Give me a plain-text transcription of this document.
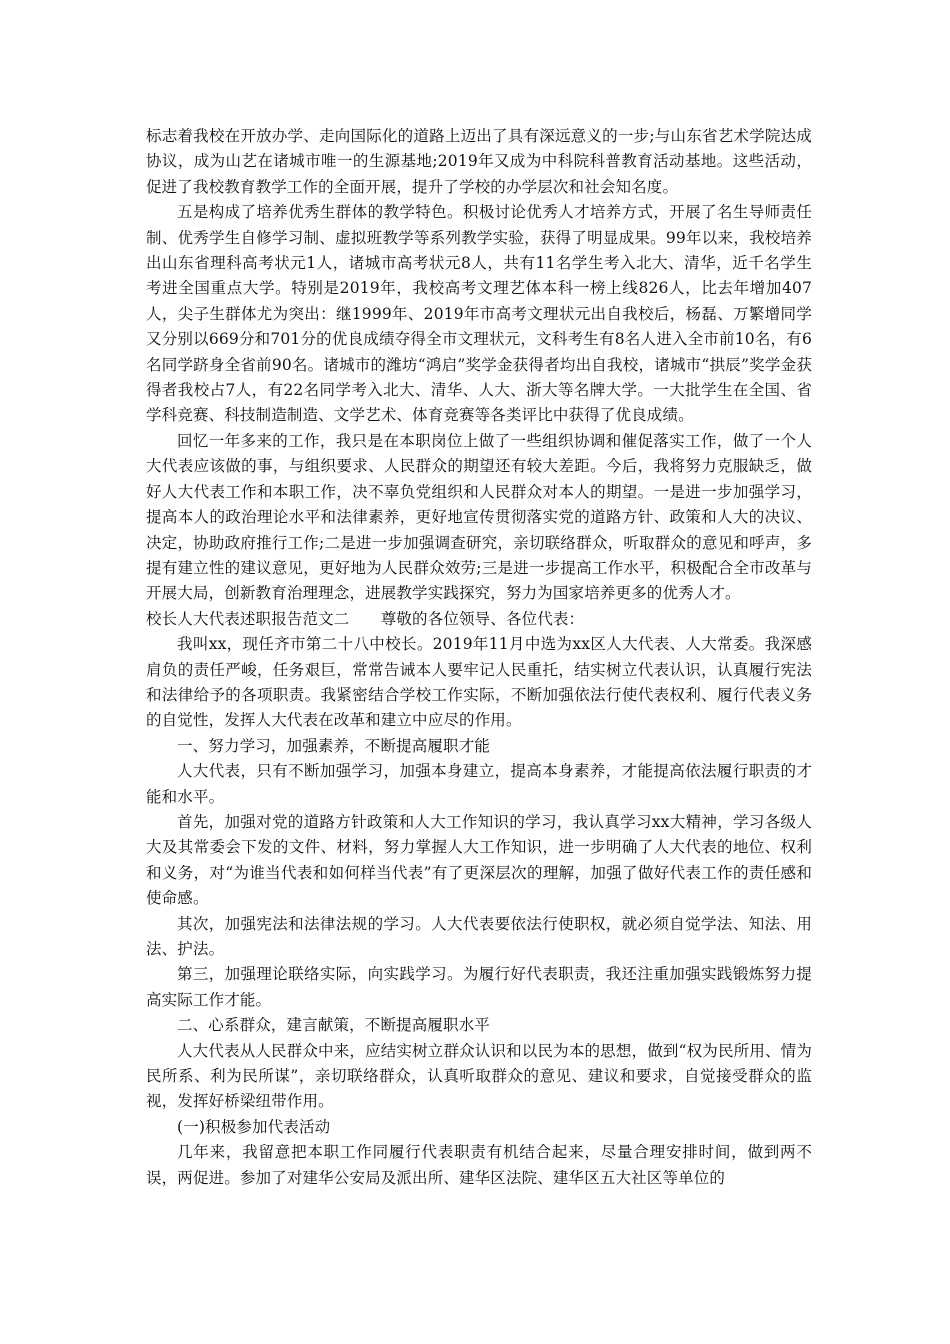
标志着我校在开放办学、走向国际化的道路上迈出了具有深远意义的一步;与山东省艺术学院达成协议，成为山艺在诸城市唯一的生源基地;2019年又成为中科院科普教育活动基地。这些活动，促进了我校教育教学工作的全面开展，提升了学校的办学层次和社会知名度。

五是构成了培养优秀生群体的教学特色。积极讨论优秀人才培养方式，开展了名生导师责任制、优秀学生自修学习制、虚拟班教学等系列教学实验，获得了明显成果。99年以来，我校培养出山东省理科高考状元1人，诸城市高考状元8人，共有11名学生考入北大、清华，近千名学生考进全国重点大学。特别是2019年，我校高考文理艺体本科一榜上线826人，比去年增加407人，尖子生群体尤为突出：继1999年、2019年市高考文理状元出自我校后，杨磊、万繁增同学又分别以669分和701分的优良成绩夺得全市文理状元，文科考生有8名人进入全市前10名，有6名同学跻身全省前90名。诸城市的潍坊“鸿启”奖学金获得者均出自我校，诸城市“拱辰”奖学金获得者我校占7人，有22名同学考入北大、清华、人大、浙大等名牌大学。一大批学生在全国、省学科竞赛、科技制造制造、文学艺术、体育竞赛等各类评比中获得了优良成绩。

回忆一年多来的工作，我只是在本职岗位上做了一些组织协调和催促落实工作，做了一个人大代表应该做的事，与组织要求、人民群众的期望还有较大差距。今后，我将努力克服缺乏，做好人大代表工作和本职工作，决不辜负党组织和人民群众对本人的期望。一是进一步加强学习，提高本人的政治理论水平和法律素养，更好地宣传贯彻落实党的道路方针、政策和人大的决议、决定，协助政府推行工作;二是进一步加强调查研究，亲切联络群众，听取群众的意见和呼声，多提有建立性的建议意见，更好地为人民群众效劳;三是进一步提高工作水平，积极配合全市改革与开展大局，创新教育治理理念，进展教学实践探究，努力为国家培养更多的优秀人才。

校长人大代表述职报告范文二　　尊敬的各位领导、各位代表：

我叫xx，现任齐市第二十八中校长。2019年11月中选为xx区人大代表、人大常委。我深感肩负的责任严峻，任务艰巨，常常告诫本人要牢记人民重托，结实树立代表认识，认真履行宪法和法律给予的各项职责。我紧密结合学校工作实际，不断加强依法行使代表权利、履行代表义务的自觉性，发挥人大代表在改革和建立中应尽的作用。

一、努力学习，加强素养，不断提高履职才能

人大代表，只有不断加强学习，加强本身建立，提高本身素养，才能提高依法履行职责的才能和水平。

首先，加强对党的道路方针政策和人大工作知识的学习，我认真学习xx大精神，学习各级人大及其常委会下发的文件、材料，努力掌握人大工作知识，进一步明确了人大代表的地位、权利和义务，对“为谁当代表和如何样当代表”有了更深层次的理解，加强了做好代表工作的责任感和使命感。

其次，加强宪法和法律法规的学习。人大代表要依法行使职权，就必须自觉学法、知法、用法、护法。

第三，加强理论联络实际，向实践学习。为履行好代表职责，我还注重加强实践锻炼努力提高实际工作才能。

二、心系群众，建言献策，不断提高履职水平

人大代表从人民群众中来，应结实树立群众认识和以民为本的思想，做到“权为民所用、情为民所系、利为民所谋”，亲切联络群众，认真听取群众的意见、建议和要求，自觉接受群众的监视，发挥好桥梁纽带作用。

(一)积极参加代表活动

几年来，我留意把本职工作同履行代表职责有机结合起来，尽量合理安排时间，做到两不误，两促进。参加了对建华公安局及派出所、建华区法院、建华区五大社区等单位的
